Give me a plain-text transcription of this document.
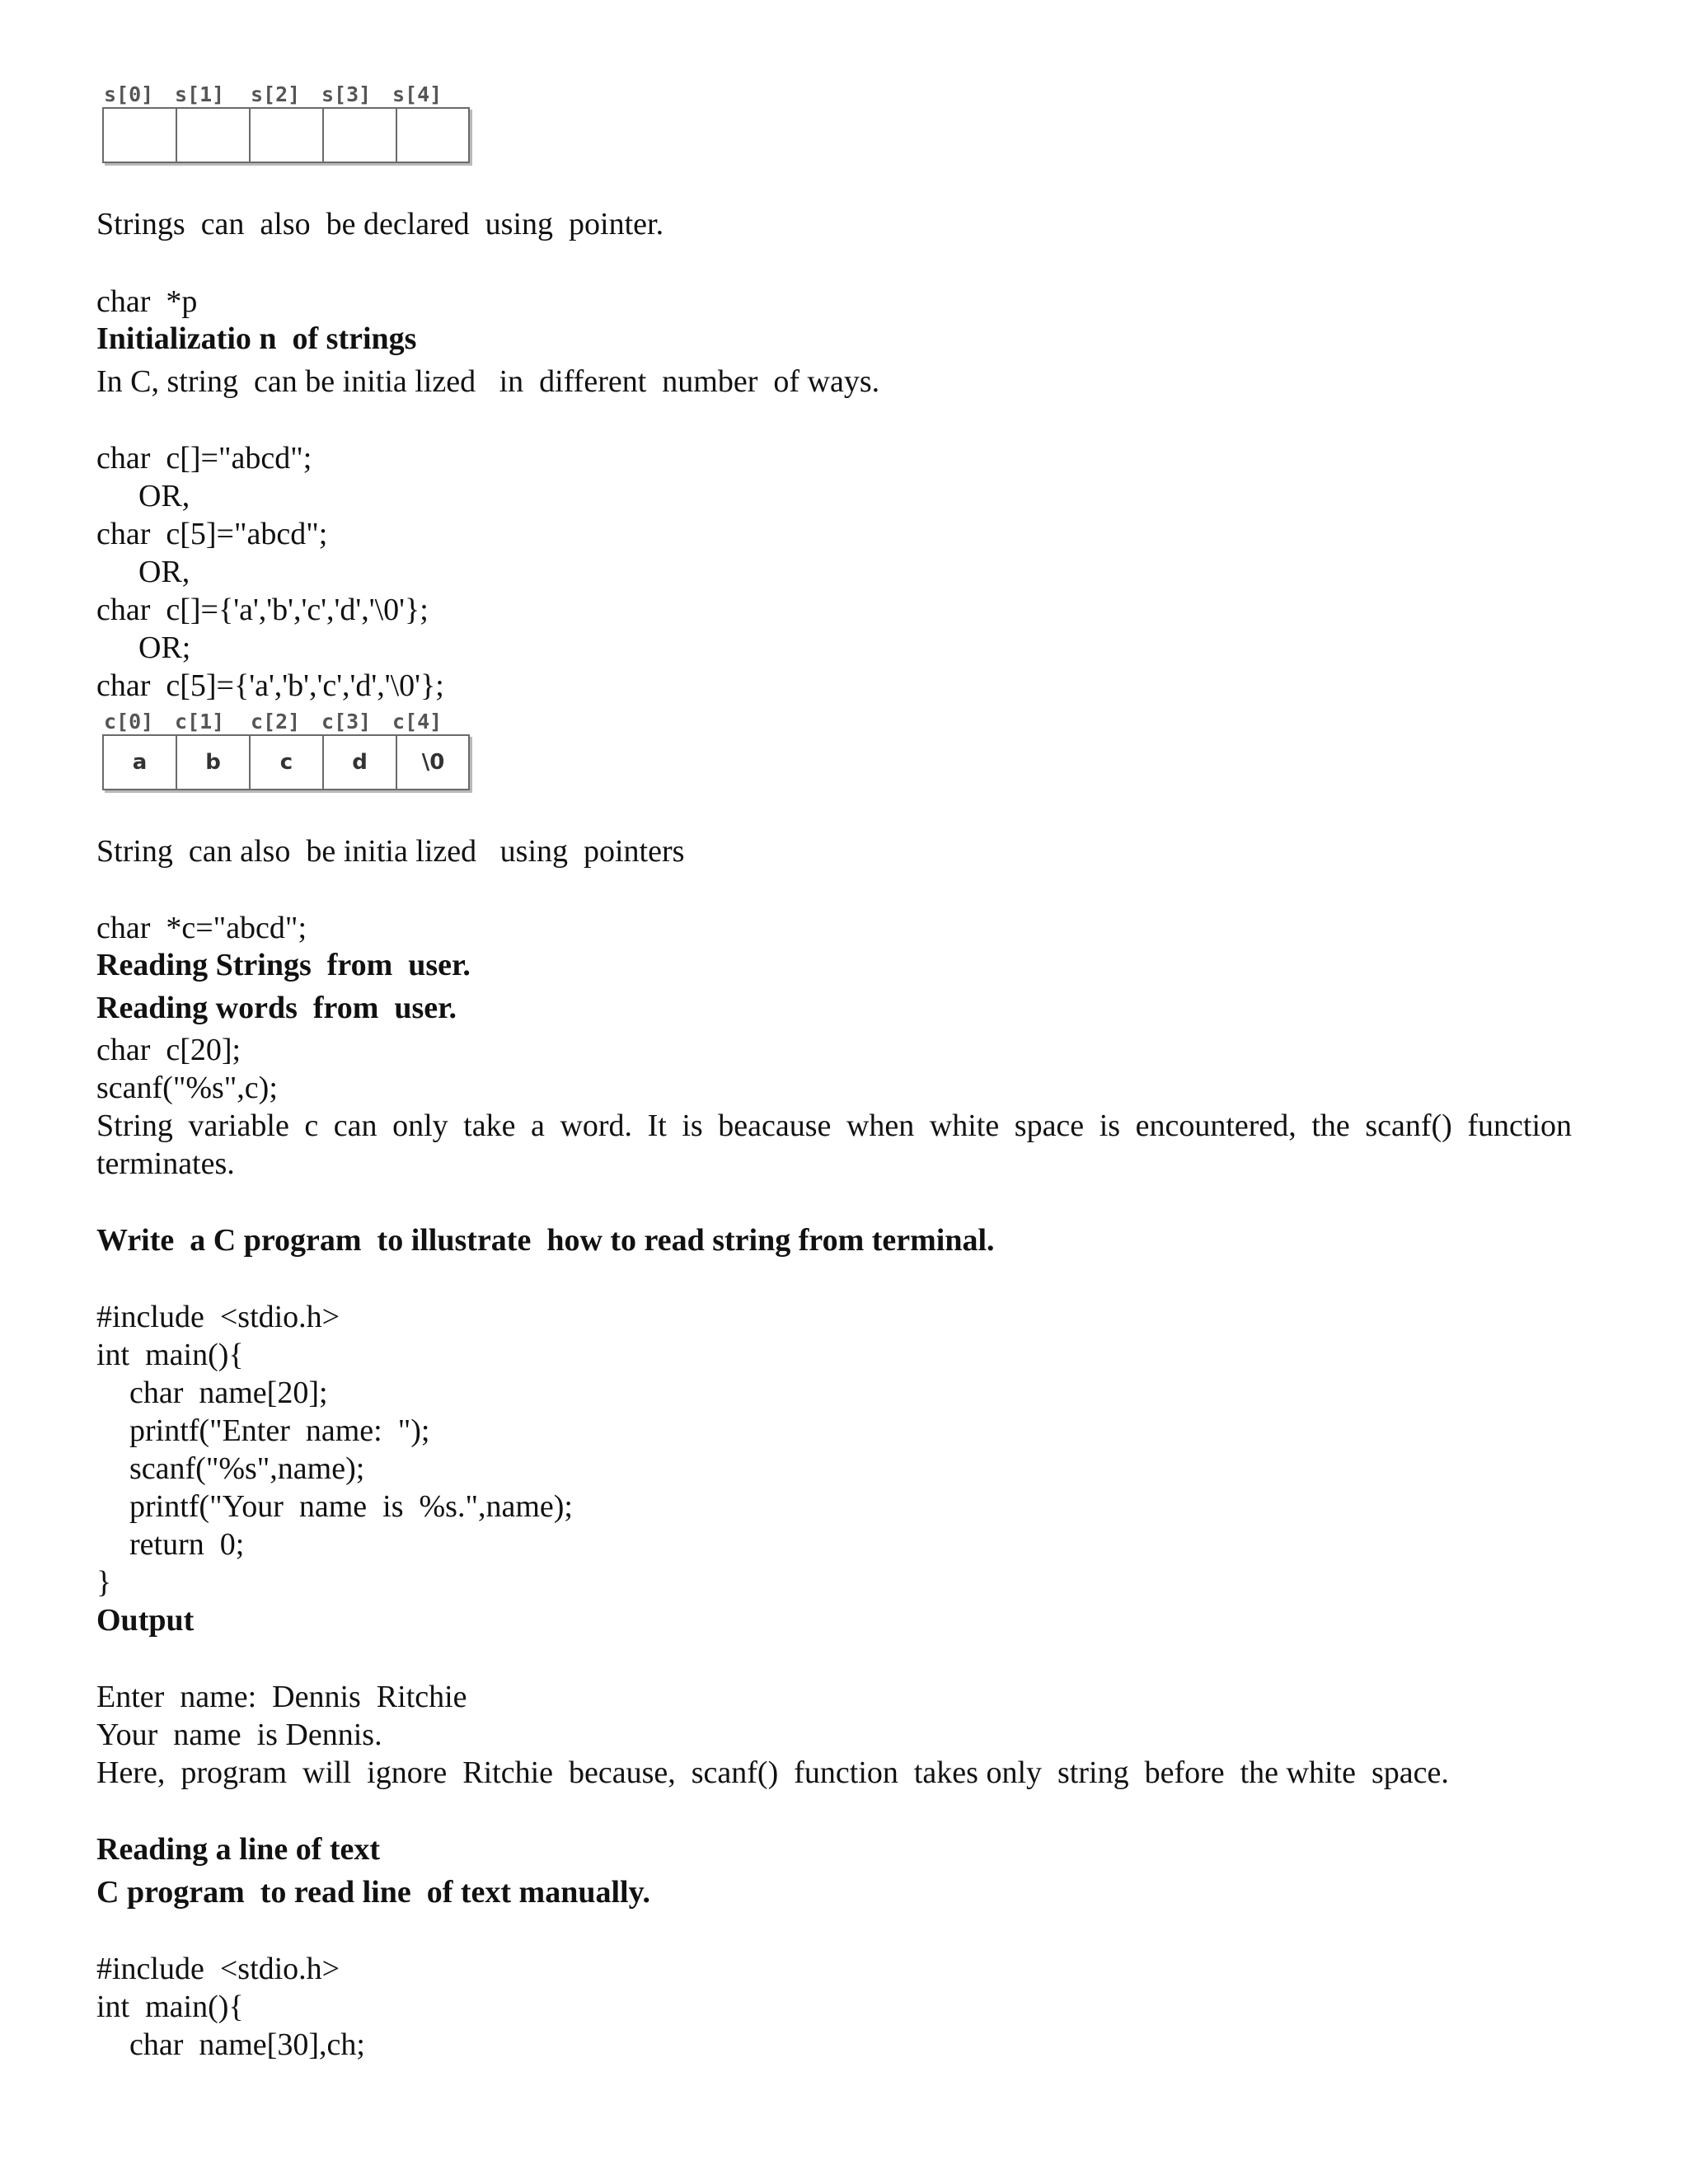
s[0] s[1] s[2] s[3] s[4]
Strings  can  also  be declared  using  pointer.
char  *p
Initializatio n  of strings
In C, string  can be initia lized   in  different  number  of ways.
char  c[]="abcd";
OR,
char  c[5]="abcd";
OR,
char  c[]={'a','b','c','d','\0'};
OR;
char  c[5]={'a','b','c','d','\0'};
c[0] c[1] c[2] c[3] c[4]
a	b	c	d	\0
String  can also  be initia lized   using  pointers
char  *c="abcd";
Reading Strings  from  user.
Reading words  from  user.
char  c[20];
scanf("%s",c);
String variable c can only take a word. It is beacause when white space is encountered, the scanf() function
terminates.
Write  a C program  to illustrate  how to read string from terminal.
#include  <stdio.h>
int  main(){
char  name[20];
printf("Enter  name:  ");
scanf("%s",name);
printf("Your  name  is  %s.",name);
return  0;
}
Output
Enter  name:  Dennis  Ritchie
Your  name  is Dennis.
Here,  program  will  ignore  Ritchie  because,  scanf()  function  takes only  string  before  the white  space.
Reading a line of text
C program  to read line  of text manually.
#include  <stdio.h>
int  main(){
char  name[30],ch;
